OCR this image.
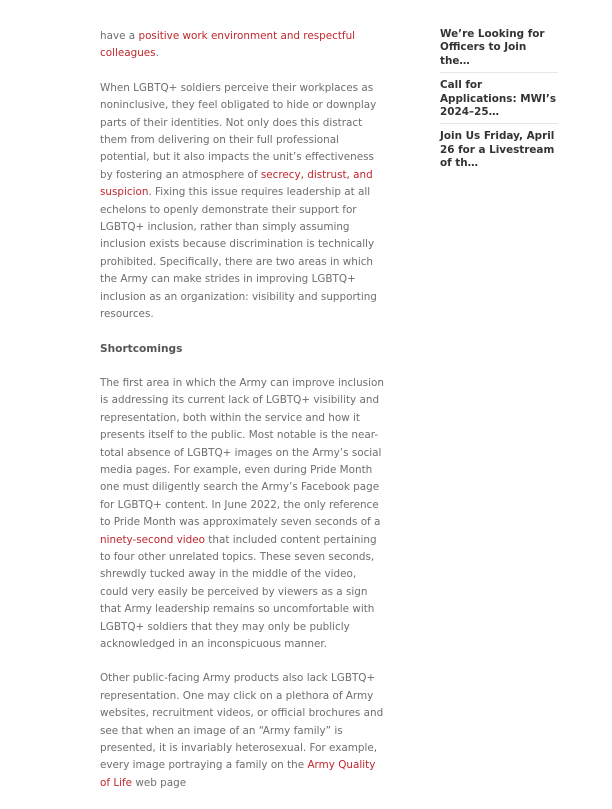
have a positive work environment and respectful colleagues.

When LGBTQ+ soldiers perceive their workplaces as noninclusive, they feel obligated to hide or downplay parts of their identities. Not only does this distract them from delivering on their full professional potential, but it also impacts the unit’s effectiveness by fostering an atmosphere of secrecy, distrust, and suspicion. Fixing this issue requires leadership at all echelons to openly demonstrate their support for LGBTQ+ inclusion, rather than simply assuming inclusion exists because discrimination is technically prohibited. Specifically, there are two areas in which the Army can make strides in improving LGBTQ+ inclusion as an organization: visibility and supporting resources.

Shortcomings

The first area in which the Army can improve inclusion is addressing its current lack of LGBTQ+ visibility and representation, both within the service and how it presents itself to the public. Most notable is the near-total absence of LGBTQ+ images on the Army’s social media pages. For example, even during Pride Month one must diligently search the Army’s Facebook page for LGBTQ+ content. In June 2022, the only reference to Pride Month was approximately seven seconds of a ninety-second video that included content pertaining to four other unrelated topics. These seven seconds, shrewdly tucked away in the middle of the video, could very easily be perceived by viewers as a sign that Army leadership remains so uncomfortable with LGBTQ+ soldiers that they may only be publicly acknowledged in an inconspicuous manner.

Other public-facing Army products also lack LGBTQ+ representation. One may click on a plethora of Army websites, recruitment videos, or official brochures and see that when an image of an “Army family” is presented, it is invariably heterosexual. For example, every image portraying a family on the Army Quality of Life web page

We’re Looking for Officers to Join the…
Call for Applications: MWI’s 2024–25…
Join Us Friday, April 26 for a Livestream of th…
